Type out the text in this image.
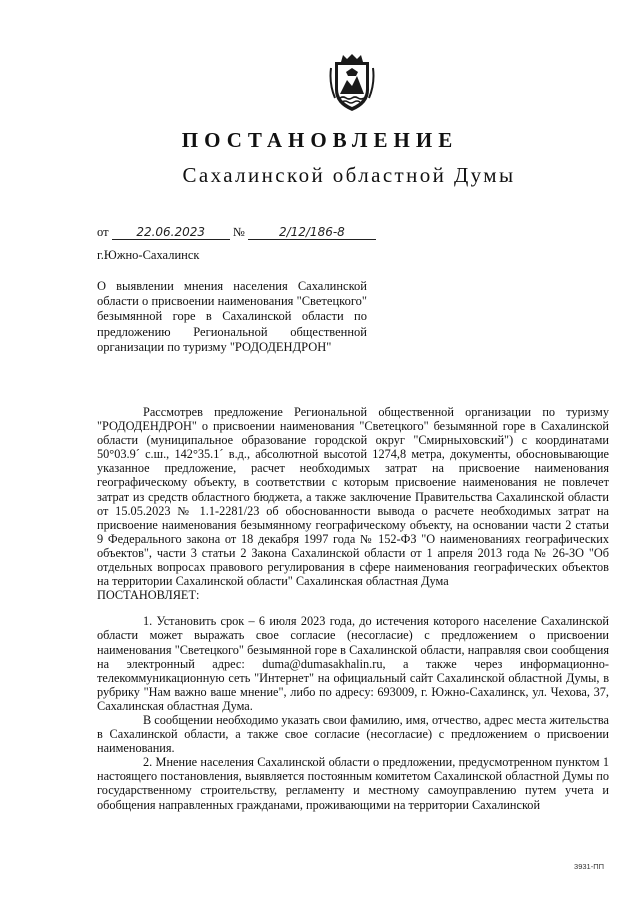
ПОСТАНОВЛЕНИЕ
Сахалинской областной Думы
от 22.06.2023 №	2/12/186-8
г.Южно-Сахалинск
О выявлении мнения населения Сахалинской области о присвоении наименования "Светецкого" безымянной горе в Сахалинской области по предложению Региональной общественной организации по туризму "РОДОДЕНДРОН"

Рассмотрев предложение Региональной общественной организации по туризму "РОДОДЕНДРОН" о присвоении наименования "Светецкого" безымянной горе в Сахалинской области (муниципальное образование городской округ "Смирныховский") с координатами 50°03.9´ с.ш., 142°35.1´ в.д., абсолютной высотой 1274,8 метра, документы, обосновывающие указанное предложение, расчет необходимых затрат на присвоение наименования географическому объекту, в соответствии с которым присвоение наименования не повлечет затрат из средств областного бюджета, а также заключение Правительства Сахалинской области от 15.05.2023 № 1.1-2281/23 об обоснованности вывода о расчете необходимых затрат на присвоение наименования безымянному географическому объекту, на основании части 2 статьи 9 Федерального закона от 18 декабря 1997 года № 152-ФЗ "О наименованиях географических объектов", части 3 статьи 2 Закона Сахалинской области от 1 апреля 2013 года № 26-ЗО "Об отдельных вопросах правового регулирования в сфере наименования географических объектов на территории Сахалинской области" Сахалинская областная Дума

ПОСТАНОВЛЯЕТ:

1. Установить срок – 6 июля 2023 года, до истечения которого население Сахалинской области может выражать свое согласие (несогласие) с предложением о присвоении наименования "Светецкого" безымянной горе в Сахалинской области, направляя свои сообщения на электронный адрес: duma@dumasakhalin.ru, а также через информационно-телекоммуникационную сеть "Интернет" на официальный сайт Сахалинской областной Думы, в рубрику "Нам важно ваше мнение", либо по адресу: 693009, г. Южно-Сахалинск, ул. Чехова, 37, Сахалинская областная Дума.

В сообщении необходимо указать свои фамилию, имя, отчество, адрес места жительства в Сахалинской области, а также свое согласие (несогласие) с предложением о присвоении наименования.

2. Мнение населения Сахалинской области о предложении, предусмотренном пунктом 1 настоящего постановления, выявляется постоянным комитетом Сахалинской областной Думы по государственному строительству, регламенту и местному самоуправлению путем учета и обобщения направленных гражданами, проживающими на территории Сахалинской

3931-ПП
